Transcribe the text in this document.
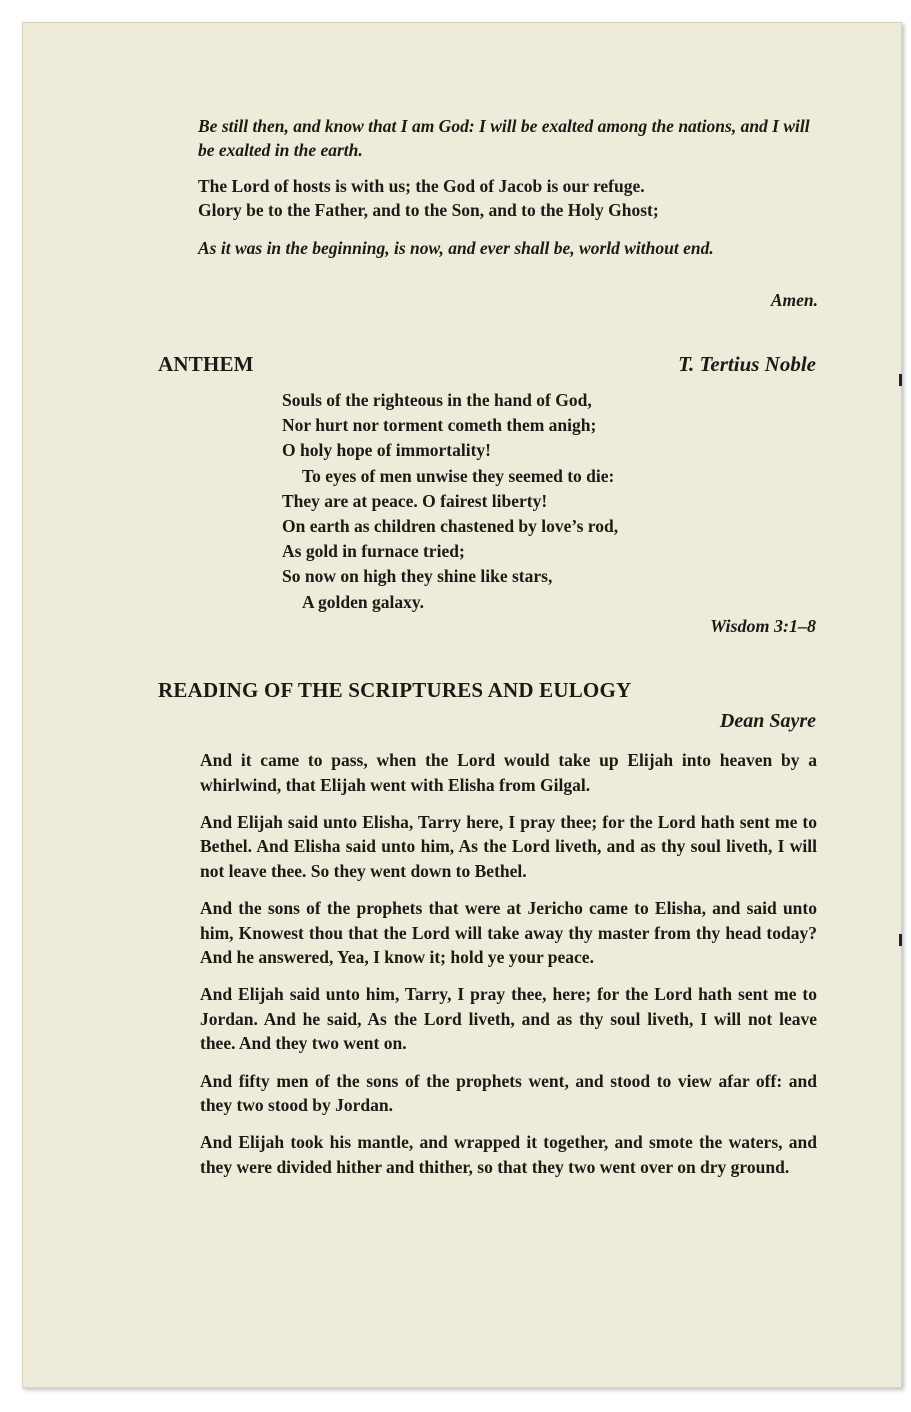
Be still then, and know that I am God: I will be exalted among the nations, and I will be exalted in the earth.

The Lord of hosts is with us; the God of Jacob is our refuge.

Glory be to the Father, and to the Son, and to the Holy Ghost;

As it was in the beginning, is now, and ever shall be, world without end.

Amen.

ANTHEM	T. Tertius Noble
Souls of the righteous in the hand of God,
Nor hurt nor torment cometh them anigh;
O holy hope of immortality!
To eyes of men unwise they seemed to die:
They are at peace. O fairest liberty!
On earth as children chastened by love’s rod,
As gold in furnace tried;
So now on high they shine like stars,
A golden galaxy.
Wisdom 3:1–8
READING OF THE SCRIPTURES AND EULOGY
Dean Sayre

And it came to pass, when the Lord would take up Elijah into heaven by a whirlwind, that Elijah went with Elisha from Gilgal.

And Elijah said unto Elisha, Tarry here, I pray thee; for the Lord hath sent me to Bethel. And Elisha said unto him, As the Lord liveth, and as thy soul liveth, I will not leave thee. So they went down to Bethel.

And the sons of the prophets that were at Jericho came to Elisha, and said unto him, Knowest thou that the Lord will take away thy master from thy head today? And he answered, Yea, I know it; hold ye your peace.

And Elijah said unto him, Tarry, I pray thee, here; for the Lord hath sent me to Jordan. And he said, As the Lord liveth, and as thy soul liveth, I will not leave thee. And they two went on.

And fifty men of the sons of the prophets went, and stood to view afar off: and they two stood by Jordan.

And Elijah took his mantle, and wrapped it together, and smote the waters, and they were divided hither and thither, so that they two went over on dry ground.
